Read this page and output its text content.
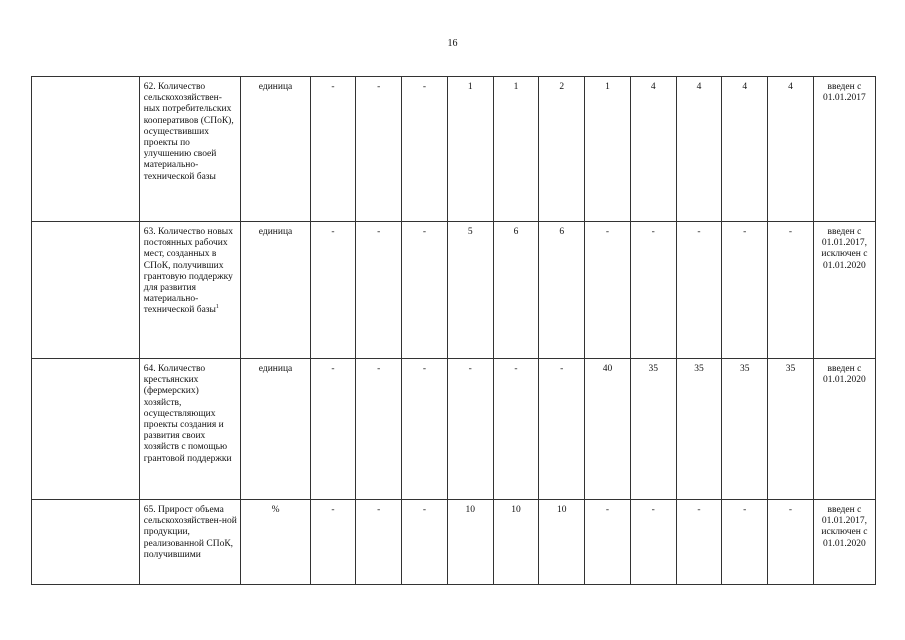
16
	62. Количество сельскохозяйствен-ных потребительских кооперативов (СПоК), осуществивших проекты по улучшению своей материально-технической базы	единица	-	-	-	1	1	2	1	4	4	4	4	введен с 01.01.2017
	63. Количество новых постоянных рабочих мест, созданных в СПоК, получивших грантовую поддержку для развития материально-технической базы$^1$	единица	-	-	-	5	6	6	-	-	-	-	-	введен с 01.01.2017, исключен с 01.01.2020
	64. Количество крестьянских (фермерских) хозяйств, осуществляющих проекты создания и развития своих хозяйств с помощью грантовой поддержки	единица	-	-	-	-	-	-	40	35	35	35	35	введен с 01.01.2020
	65. Прирост объема сельскохозяйствен-ной продукции, реализованной СПоК, получившими	%	-	-	-	10	10	10	-	-	-	-	-	введен с 01.01.2017, исключен с 01.01.2020
